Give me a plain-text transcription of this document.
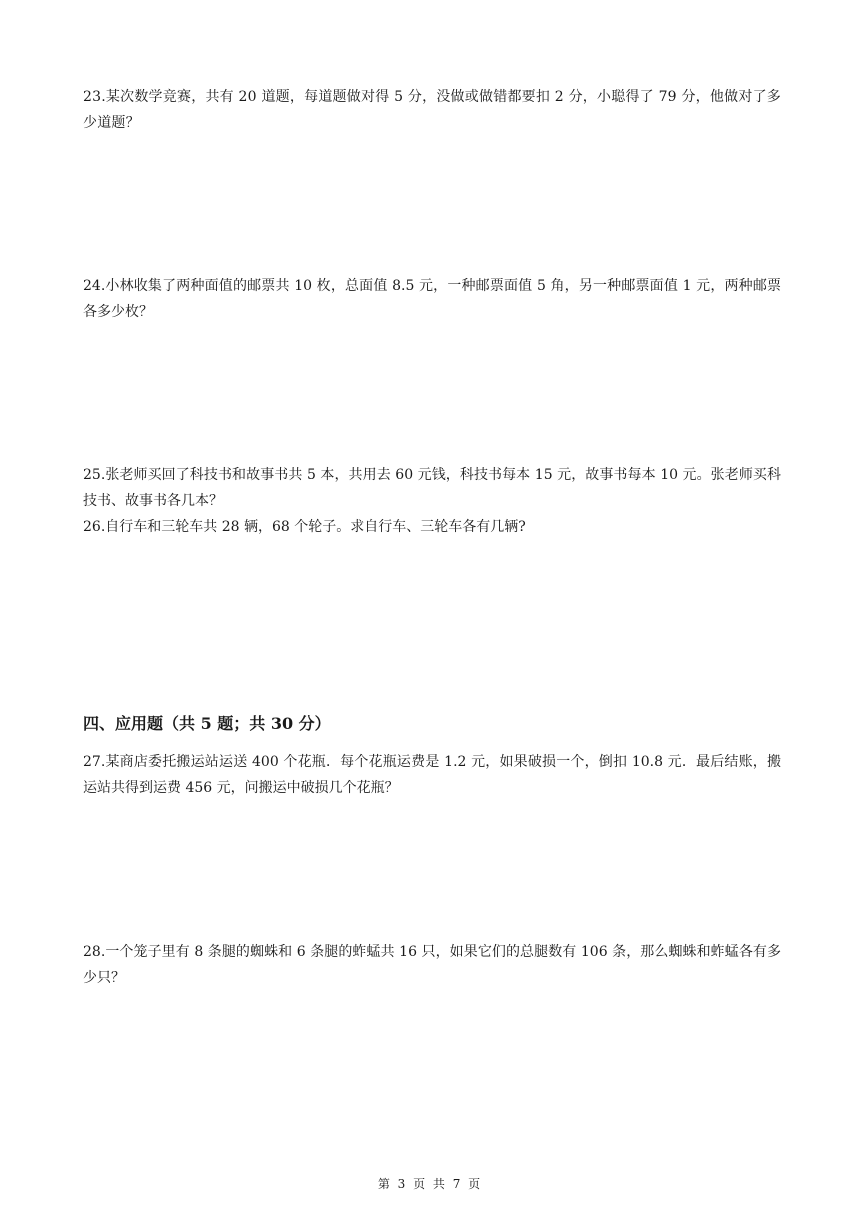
23.某次数学竞赛，共有 20 道题，每道题做对得 5 分，没做或做错都要扣 2 分，小聪得了 79 分，他做对了多少道题？

24.小林收集了两种面值的邮票共 10 枚，总面值 8.5 元，一种邮票面值 5 角，另一种邮票面值 1 元，两种邮票各多少枚？

25.张老师买回了科技书和故事书共 5 本，共用去 60 元钱，科技书每本 15 元，故事书每本 10 元。张老师买科技书、故事书各几本？

26.自行车和三轮车共 28 辆，68 个轮子。求自行车、三轮车各有几辆?

四、应用题（共 5 题；共 30 分）

27.某商店委托搬运站运送 400 个花瓶．每个花瓶运费是 1.2 元，如果破损一个，倒扣 10.8 元．最后结账，搬运站共得到运费 456 元，问搬运中破损几个花瓶？

28.一个笼子里有 8 条腿的蜘蛛和 6 条腿的蚱蜢共 16 只，如果它们的总腿数有 106 条，那么蜘蛛和蚱蜢各有多少只？

第 3 页 共 7 页
